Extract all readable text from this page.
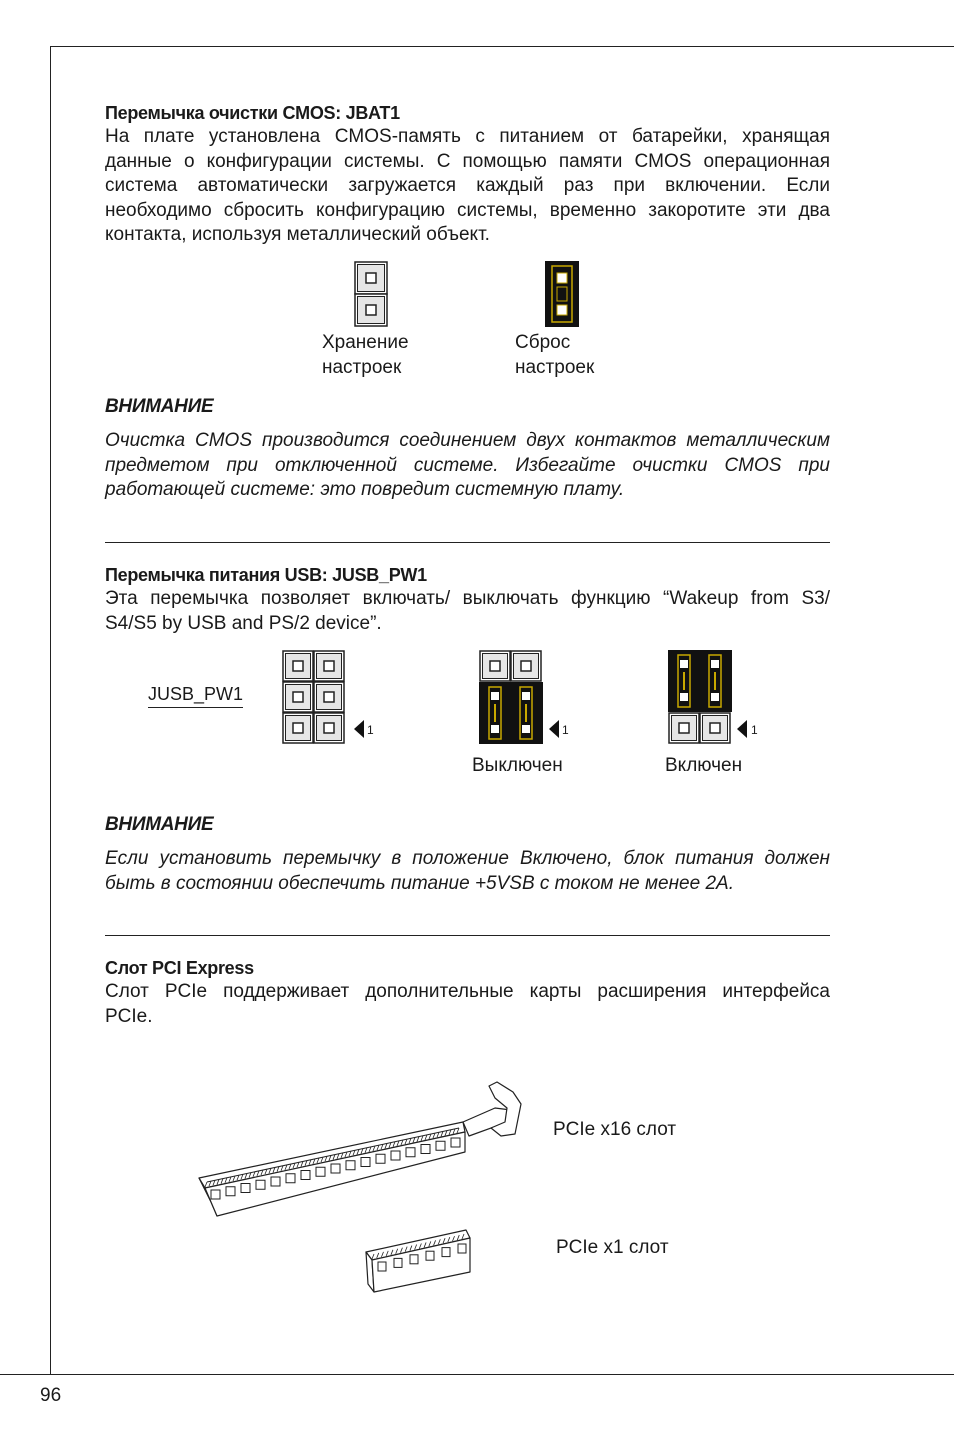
Перемычка очистки CMOS: JBAT1
На плате установлена CMOS-память с питанием от батарейки, хранящая
данные о конфигурации системы. С помощью памяти CMOS операционная
система автоматически загружается каждый раз при включении. Если
необходимо сбросить конфигурацию системы, временно закоротите эти два
контакта, используя металлический объект.
Хранение
настроек
Сброс
настроек
ВНИМАНИЕ
Очистка CMOS производится соединением двух контактов металлическим
предметом при отключенной системе. Избегайте очистки CMOS при
работающей системе: это повредит системную плату.
Перемычка питания USB: JUSB_PW1
Эта перемычка позволяет включать/ выключать функцию “Wakeup from S3/
S4/S5 by USB and PS/2 device”.
JUSB_PW1
1	1
Выключен
1
Включен
ВНИМАНИЕ
Если установить перемычку в положение Включено, блок питания должен
быть в состоянии обеспечить питание +5VSB с током не менее 2А.
Слот PCI Express
Слот PCIe поддерживает дополнительные карты расширения интерфейса
PCIe.
PCIe x16 слот
PCIe x1 слот
96
